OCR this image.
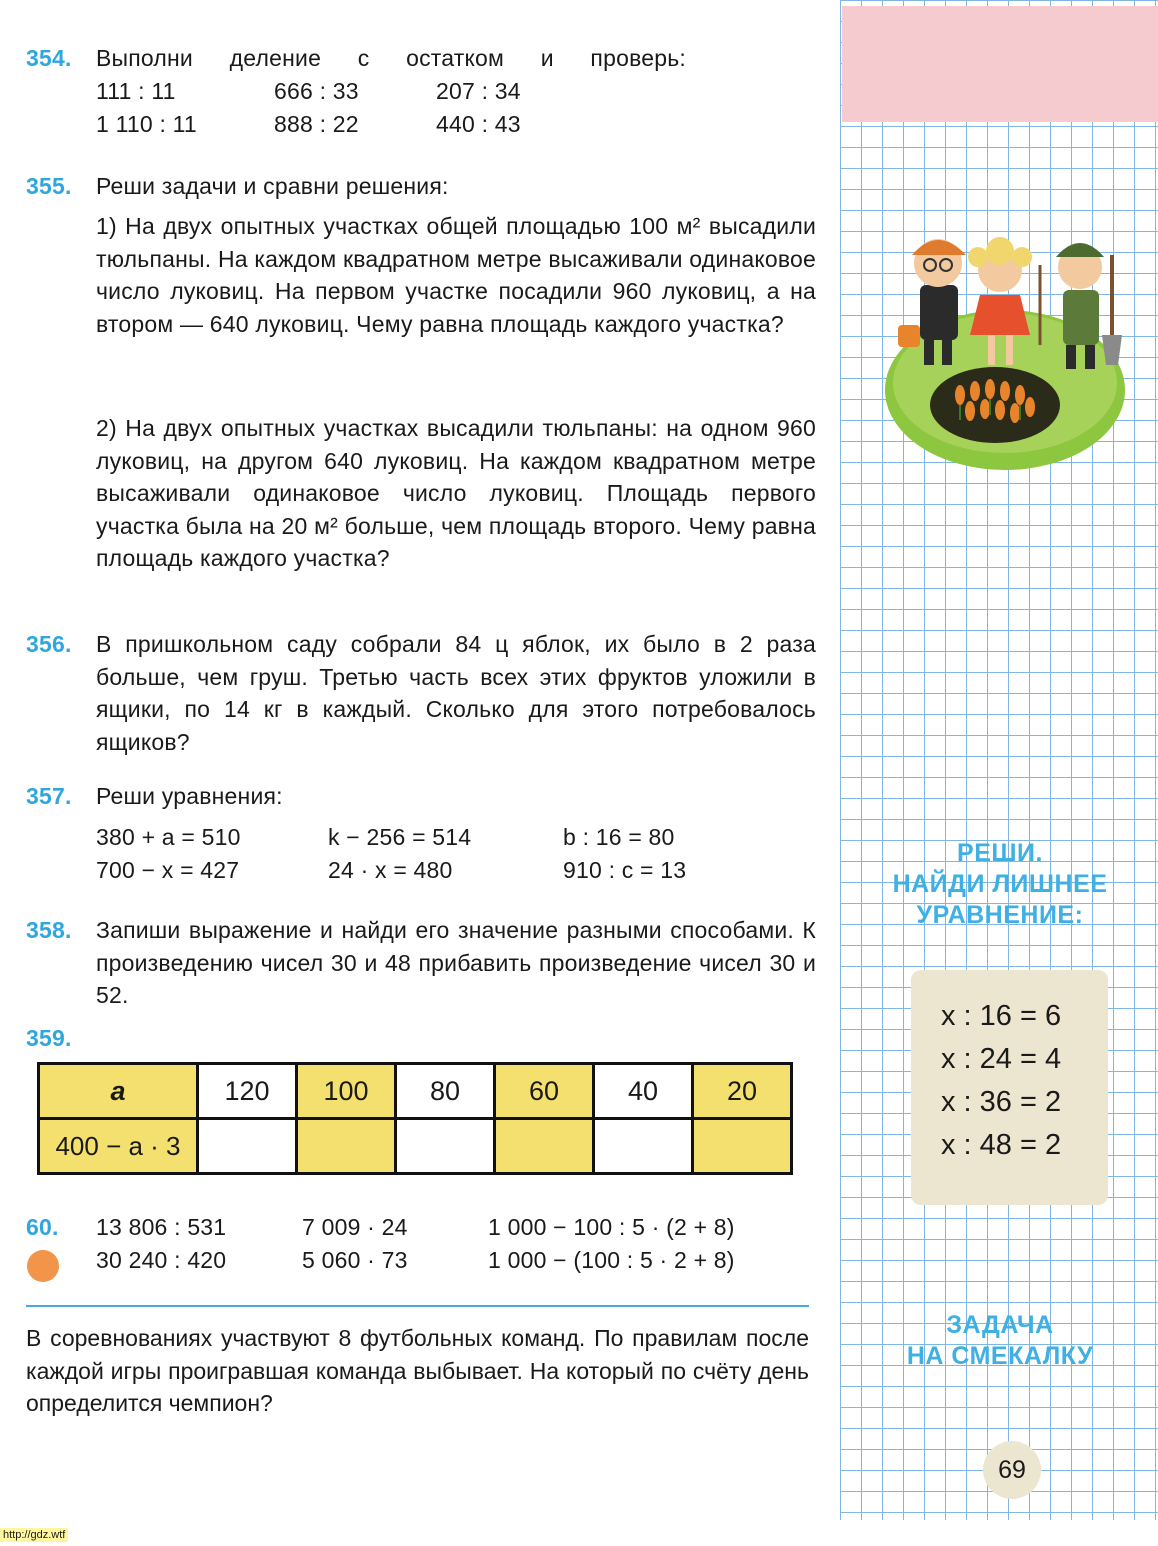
354. Выполни деление с остатком и проверь:
111 : 11	666 : 33	207 : 34
1 110 : 11	888 : 22	440 : 43
355. Реши задачи и сравни решения:
1) На двух опытных участках общей площадью 100 м² высадили тюльпаны. На каждом квадратном метре высаживали одинаковое число луковиц. На первом участке посадили 960 луковиц, а на втором — 640 луковиц. Чему равна площадь каждого участка?
2) На двух опытных участках высадили тюльпаны: на одном 960 луковиц, на другом 640 луковиц. На каждом квадратном метре высаживали одинаковое число луковиц. Площадь первого участка была на 20 м² больше, чем площадь второго. Чему равна площадь каждого участка?
356. В пришкольном саду собрали 84 ц яблок, их было в 2 раза больше, чем груш. Третью часть всех этих фруктов уложили в ящики, по 14 кг в каждый. Сколько для этого потребовалось ящиков?
357. Реши уравнения:
380 + a = 510	k − 256 = 514	b : 16 = 80
700 − x = 427	24 · x = 480	910 : c = 13
358. Запиши выражение и найди его значение разными способами. К произведению чисел 30 и 48 прибавить произведение чисел 30 и 52.
359.
a	120	100	80	60	40	20
400 − a · 3						
60. 13 806 : 531	7 009 · 24	1 000 − 100 : 5 · (2 + 8)
30 240 : 420	5 060 · 73	1 000 − (100 : 5 · 2 + 8)
В соревнованиях участвуют 8 футбольных команд. По правилам после каждой игры проигравшая команда выбывает. На который по счёту день определится чемпион?
РЕШИ.
НАЙДИ ЛИШНЕЕ
УРАВНЕНИЕ:
x : 16 = 6
x : 24 = 4
x : 36 = 2
x : 48 = 2
ЗАДАЧА
НА СМЕКАЛКУ
69
http://gdz.wtf
